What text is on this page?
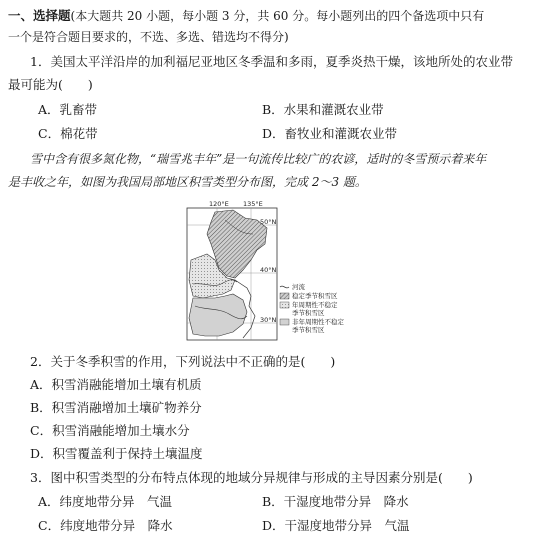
一、选择题(本大题共 20 小题，每小题 3 分，共 60 分。每小题列出的四个备选项中只有
一个是符合题目要求的，不选、多选、错选均不得分)
1．美国太平洋沿岸的加利福尼亚地区冬季温和多雨，夏季炎热干燥，该地所处的农业带
最可能为(　　)
A．乳畜带	B．水果和灌溉农业带
C．棉花带	D．畜牧业和灌溉农业带
雪中含有很多氮化物，“瑞雪兆丰年”是一句流传比较广的农谚，适时的冬雪预示着来年
是丰收之年，如图为我国局部地区积雪类型分布图，完成 2～3 题。
120°E 135°E
50°N
40°N
30°N
河流
稳定季节积雪区
年周期性不稳定
季节积雪区
非年周期性不稳定
季节积雪区
2．关于冬季积雪的作用，下列说法中不正确的是(　　)
A．积雪消融能增加土壤有机质
B．积雪消融增加土壤矿物养分
C．积雪消融能增加土壤水分
D．积雪覆盖利于保持土壤温度
3．图中积雪类型的分布特点体现的地域分异规律与形成的主导因素分别是(　　)
A．纬度地带分异　气温	B．干湿度地带分异　降水
C．纬度地带分异　降水	D．干湿度地带分异　气温
